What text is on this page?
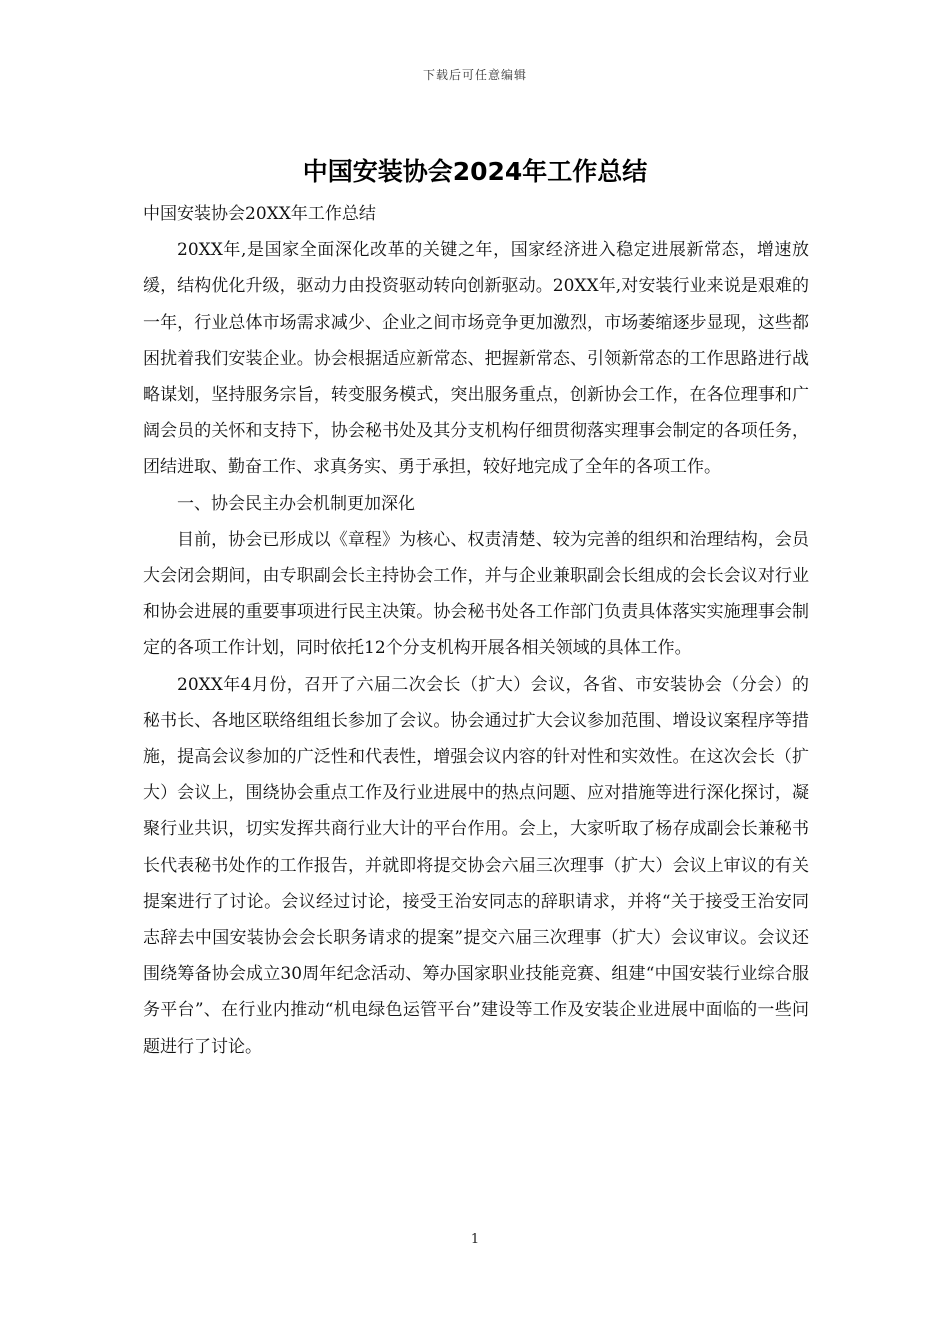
下载后可任意编辑
中国安装协会2024年工作总结

中国安装协会20XX年工作总结

20XX年,是国家全面深化改革的关键之年，国家经济进入稳定进展新常态，增速放缓，结构优化升级，驱动力由投资驱动转向创新驱动。20XX年,对安装行业来说是艰难的一年，行业总体市场需求减少、企业之间市场竞争更加激烈，市场萎缩逐步显现，这些都困扰着我们安装企业。协会根据适应新常态、把握新常态、引领新常态的工作思路进行战略谋划，坚持服务宗旨，转变服务模式，突出服务重点，创新协会工作，在各位理事和广阔会员的关怀和支持下，协会秘书处及其分支机构仔细贯彻落实理事会制定的各项任务，团结进取、勤奋工作、求真务实、勇于承担，较好地完成了全年的各项工作。

一、协会民主办会机制更加深化

目前，协会已形成以《章程》为核心、权责清楚、较为完善的组织和治理结构，会员大会闭会期间，由专职副会长主持协会工作，并与企业兼职副会长组成的会长会议对行业和协会进展的重要事项进行民主决策。协会秘书处各工作部门负责具体落实实施理事会制定的各项工作计划，同时依托12个分支机构开展各相关领域的具体工作。

20XX年4月份，召开了六届二次会长（扩大）会议，各省、市安装协会（分会）的秘书长、各地区联络组组长参加了会议。协会通过扩大会议参加范围、增设议案程序等措施，提高会议参加的广泛性和代表性，增强会议内容的针对性和实效性。在这次会长（扩大）会议上，围绕协会重点工作及行业进展中的热点问题、应对措施等进行深化探讨，凝聚行业共识，切实发挥共商行业大计的平台作用。会上，大家听取了杨存成副会长兼秘书长代表秘书处作的工作报告，并就即将提交协会六届三次理事（扩大）会议上审议的有关提案进行了讨论。会议经过讨论，接受王治安同志的辞职请求，并将“关于接受王治安同志辞去中国安装协会会长职务请求的提案”提交六届三次理事（扩大）会议审议。会议还围绕筹备协会成立30周年纪念活动、筹办国家职业技能竞赛、组建“中国安装行业综合服务平台”、在行业内推动“机电绿色运管平台”建设等工作及安装企业进展中面临的一些问题进行了讨论。

1
